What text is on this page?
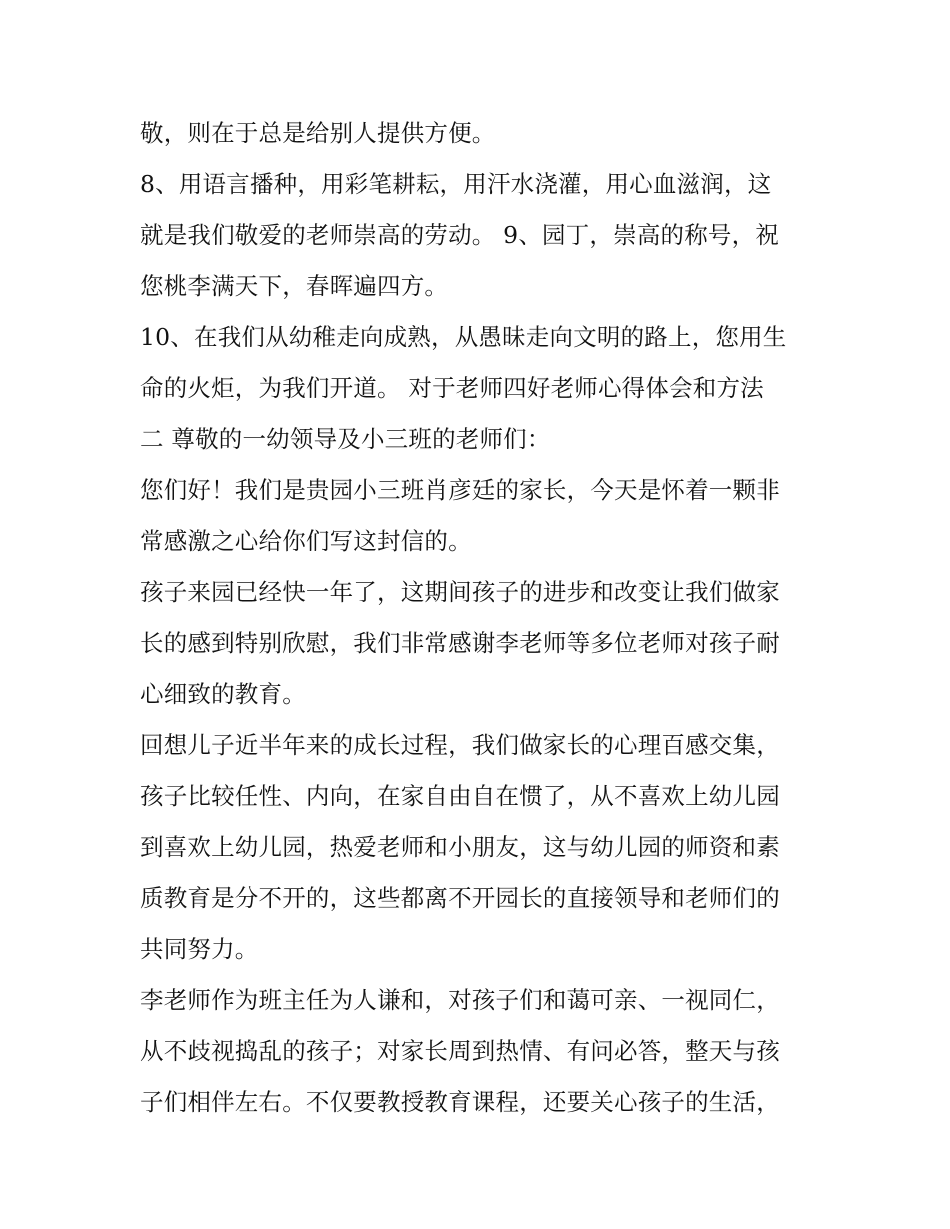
敬，则在于总是给别人提供方便。
8、用语言播种，用彩笔耕耘，用汗水浇灌，用心血滋润，这
就是我们敬爱的老师崇高的劳动。 9、园丁，崇高的称号，祝
您桃李满天下，春晖遍四方。
10、在我们从幼稚走向成熟，从愚昧走向文明的路上，您用生
命的火炬，为我们开道。 对于老师四好老师心得体会和方法
二 尊敬的一幼领导及小三班的老师们：
您们好！我们是贵园小三班肖彦廷的家长，今天是怀着一颗非
常感激之心给你们写这封信的。
孩子来园已经快一年了，这期间孩子的进步和改变让我们做家
长的感到特别欣慰，我们非常感谢李老师等多位老师对孩子耐
心细致的教育。
回想儿子近半年来的成长过程，我们做家长的心理百感交集，
孩子比较任性、内向，在家自由自在惯了，从不喜欢上幼儿园
到喜欢上幼儿园，热爱老师和小朋友，这与幼儿园的师资和素
质教育是分不开的，这些都离不开园长的直接领导和老师们的
共同努力。
李老师作为班主任为人谦和，对孩子们和蔼可亲、一视同仁，
从不歧视捣乱的孩子；对家长周到热情、有问必答，整天与孩
子们相伴左右。不仅要教授教育课程，还要关心孩子的生活，
